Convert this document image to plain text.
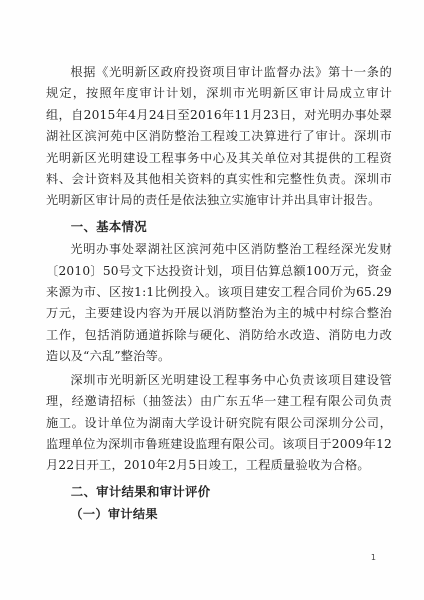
根据《光明新区政府投资项目审计监督办法》第十一条的规定，按照年度审计计划，深圳市光明新区审计局成立审计组，自2015年4月24日至2016年11月23日，对光明办事处翠湖社区滨河苑中区消防整治工程竣工决算进行了审计。深圳市光明新区光明建设工程事务中心及其关单位对其提供的工程资料、会计资料及其他相关资料的真实性和完整性负责。深圳市光明新区审计局的责任是依法独立实施审计并出具审计报告。

一、基本情况

光明办事处翠湖社区滨河苑中区消防整治工程经深光发财〔2010〕50号文下达投资计划，项目估算总额100万元，资金来源为市、区按1:1比例投入。该项目建安工程合同价为65.29万元，主要建设内容为开展以消防整治为主的城中村综合整治工作，包括消防通道拆除与硬化、消防给水改造、消防电力改造以及“六乱”整治等。

深圳市光明新区光明建设工程事务中心负责该项目建设管理，经邀请招标（抽签法）由广东五华一建工程有限公司负责施工。设计单位为湖南大学设计研究院有限公司深圳分公司，监理单位为深圳市鲁班建设监理有限公司。该项目于2009年12月22日开工，2010年2月5日竣工，工程质量验收为合格。

二、审计结果和审计评价
（一）审计结果
1
